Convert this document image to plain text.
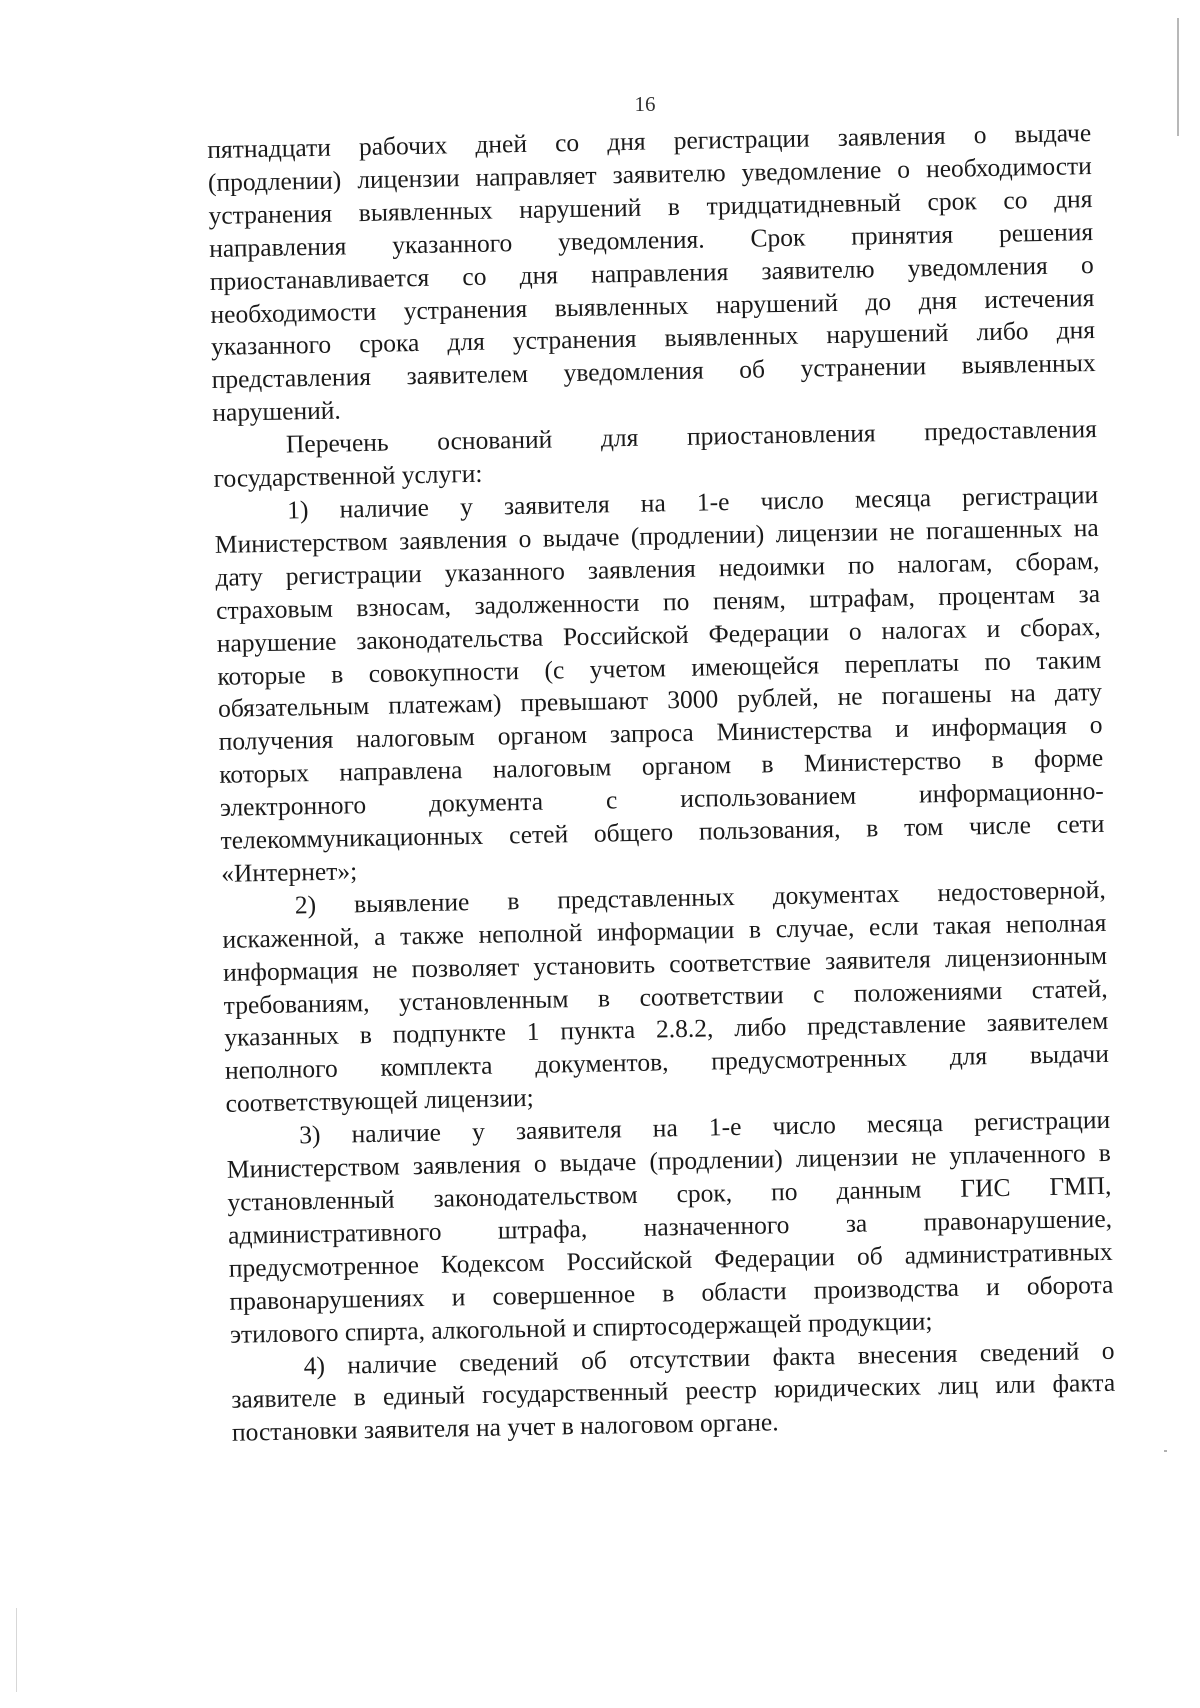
16
пятнадцати рабочих дней со дня регистрации заявления о выдаче
(продлении) лицензии направляет заявителю уведомление о необходимости
устранения выявленных нарушений в тридцатидневный срок со дня
направления указанного уведомления. Срок принятия решения
приостанавливается со дня направления заявителю уведомления о
необходимости устранения выявленных нарушений до дня истечения
указанного срока для устранения выявленных нарушений либо дня
представления заявителем уведомления об устранении выявленных
нарушений.
Перечень оснований для приостановления предоставления
государственной услуги:
1) наличие у заявителя на 1-е число месяца регистрации
Министерством заявления о выдаче (продлении) лицензии не погашенных на
дату регистрации указанного заявления недоимки по налогам, сборам,
страховым взносам, задолженности по пеням, штрафам, процентам за
нарушение законодательства Российской Федерации о налогах и сборах,
которые в совокупности (с учетом имеющейся переплаты по таким
обязательным платежам) превышают 3000 рублей, не погашены на дату
получения налоговым органом запроса Министерства и информация о
которых направлена налоговым органом в Министерство в форме
электронного документа с использованием информационно-
телекоммуникационных сетей общего пользования, в том числе сети
«Интернет»;
2) выявление в представленных документах недостоверной,
искаженной, а также неполной информации в случае, если такая неполная
информация не позволяет установить соответствие заявителя лицензионным
требованиям, установленным в соответствии с положениями статей,
указанных в подпункте 1 пункта 2.8.2, либо представление заявителем
неполного комплекта документов, предусмотренных для выдачи
соответствующей лицензии;
3) наличие у заявителя на 1-е число месяца регистрации
Министерством заявления о выдаче (продлении) лицензии не уплаченного в
установленный законодательством срок, по данным ГИС ГМП,
административного штрафа, назначенного за правонарушение,
предусмотренное Кодексом Российской Федерации об административных
правонарушениях и совершенное в области производства и оборота
этилового спирта, алкогольной и спиртосодержащей продукции;
4) наличие сведений об отсутствии факта внесения сведений о
заявителе в единый государственный реестр юридических лиц или факта
постановки заявителя на учет в налоговом органе.
